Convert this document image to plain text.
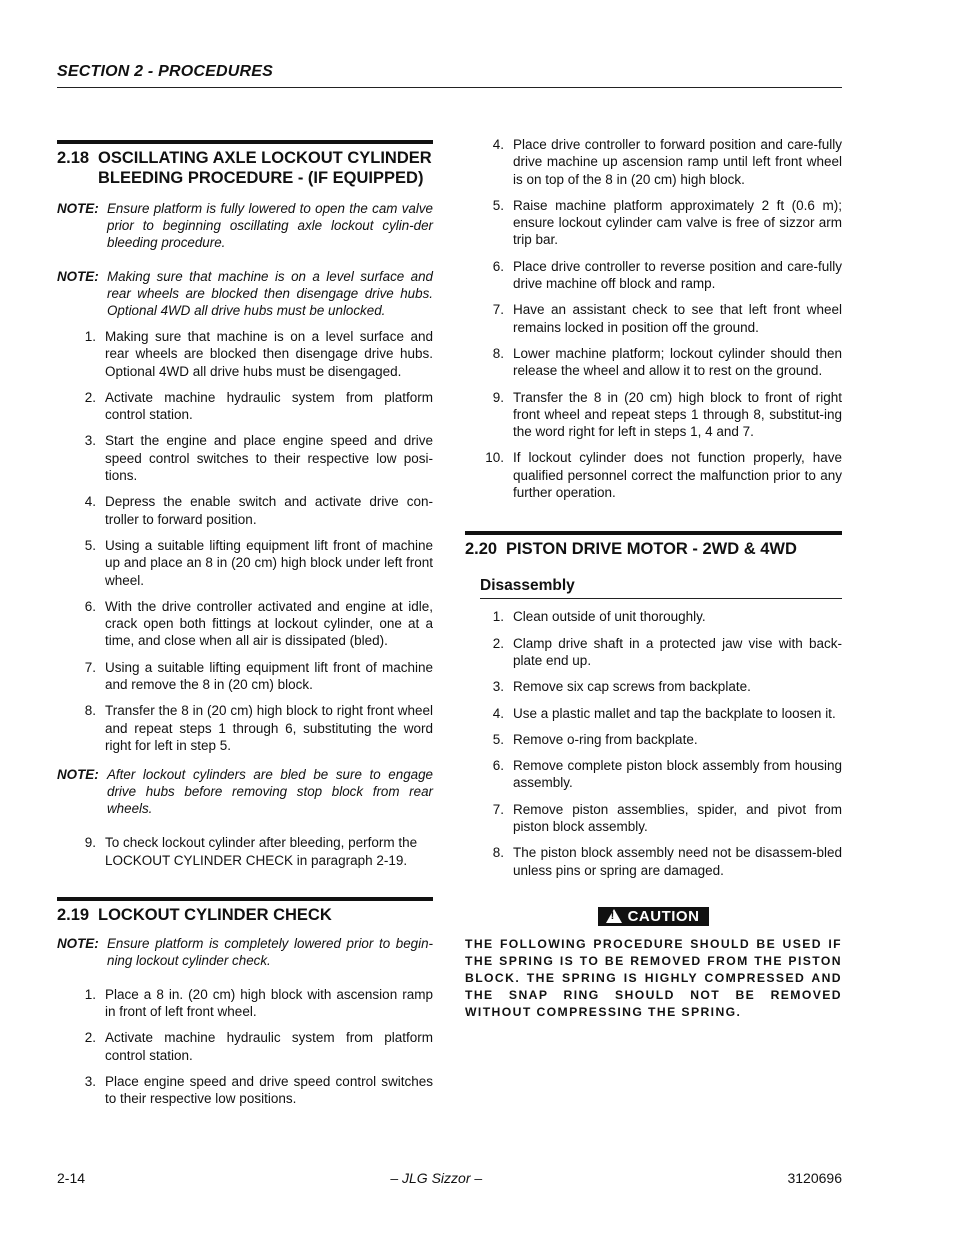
SECTION 2 - PROCEDURES
2.18 OSCILLATING AXLE LOCKOUT CYLINDER BLEEDING PROCEDURE - (IF EQUIPPED)
NOTE: Ensure platform is fully lowered to open the cam valve prior to beginning oscillating axle lockout cylin-der bleeding procedure.
NOTE: Making sure that machine is on a level surface and rear wheels are blocked then disengage drive hubs. Optional 4WD all drive hubs must be unlocked.
1. Making sure that machine is on a level surface and rear wheels are blocked then disengage drive hubs. Optional 4WD all drive hubs must be disengaged.
2. Activate machine hydraulic system from platform control station.
3. Start the engine and place engine speed and drive speed control switches to their respective low posi-tions.
4. Depress the enable switch and activate drive con-troller to forward position.
5. Using a suitable lifting equipment lift front of machine up and place an 8 in (20 cm) high block under left front wheel.
6. With the drive controller activated and engine at idle, crack open both fittings at lockout cylinder, one at a time, and close when all air is dissipated (bled).
7. Using a suitable lifting equipment lift front of machine and remove the 8 in (20 cm) block.
8. Transfer the 8 in (20 cm) high block to right front wheel and repeat steps 1 through 6, substituting the word right for left in step 5.
NOTE: After lockout cylinders are bled be sure to engage drive hubs before removing stop block from rear wheels.
9. To check lockout cylinder after bleeding, perform the LOCKOUT CYLINDER CHECK in paragraph 2-19.
2.19 LOCKOUT CYLINDER CHECK
NOTE: Ensure platform is completely lowered prior to begin-ning lockout cylinder check.
1. Place a 8 in. (20 cm) high block with ascension ramp in front of left front wheel.
2. Activate machine hydraulic system from platform control station.
3. Place engine speed and drive speed control switches to their respective low positions.
4. Place drive controller to forward position and care-fully drive machine up ascension ramp until left front wheel is on top of the 8 in (20 cm) high block.
5. Raise machine platform approximately 2 ft (0.6 m); ensure lockout cylinder cam valve is free of sizzor arm trip bar.
6. Place drive controller to reverse position and care-fully drive machine off block and ramp.
7. Have an assistant check to see that left front wheel remains locked in position off the ground.
8. Lower machine platform; lockout cylinder should then release the wheel and allow it to rest on the ground.
9. Transfer the 8 in (20 cm) high block to front of right front wheel and repeat steps 1 through 8, substitut-ing the word right for left in steps 1, 4 and 7.
10. If lockout cylinder does not function properly, have qualified personnel correct the malfunction prior to any further operation.
2.20 PISTON DRIVE MOTOR - 2WD & 4WD
Disassembly
1. Clean outside of unit thoroughly.
2. Clamp drive shaft in a protected jaw vise with back-plate end up.
3. Remove six cap screws from backplate.
4. Use a plastic mallet and tap the backplate to loosen it.
5. Remove o-ring from backplate.
6. Remove complete piston block assembly from housing assembly.
7. Remove piston assemblies, spider, and pivot from piston block assembly.
8. The piston block assembly need not be disassem-bled unless pins or spring are damaged.
!
CAUTION
THE FOLLOWING PROCEDURE SHOULD BE USED IF THE SPRING IS TO BE REMOVED FROM THE PISTON BLOCK. THE SPRING IS HIGHLY COMPRESSED AND THE SNAP RING SHOULD NOT BE REMOVED WITHOUT COMPRESSING THE SPRING.
2-14	– JLG Sizzor –	3120696
